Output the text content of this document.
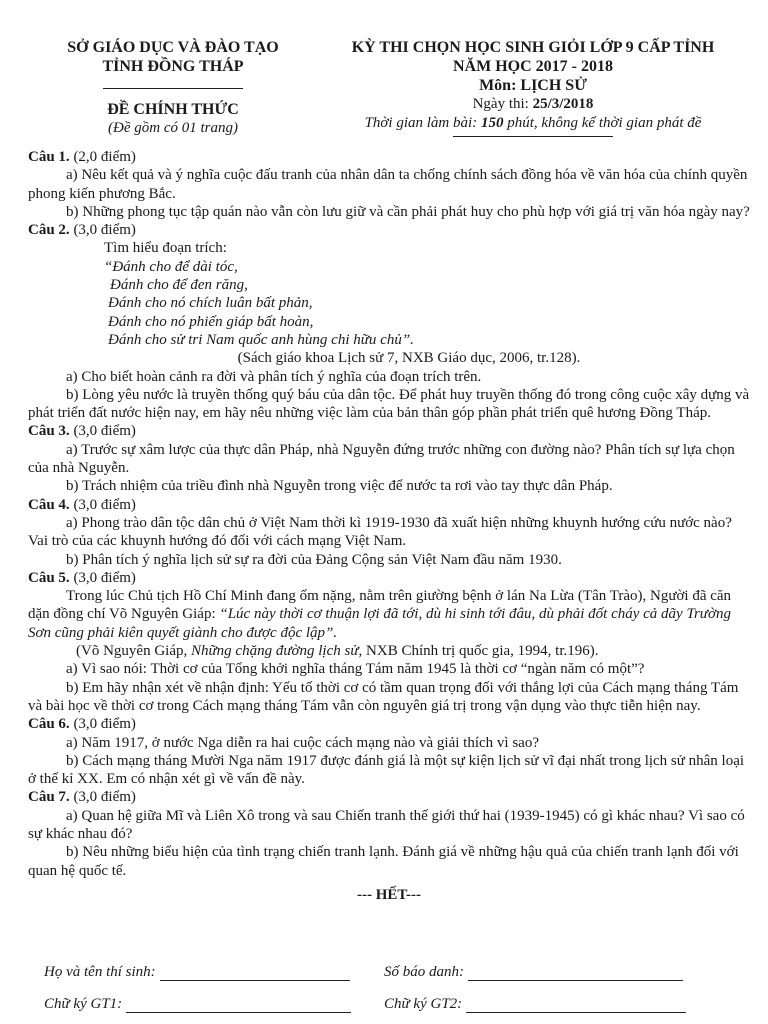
SỞ GIÁO DỤC VÀ ĐÀO TẠO
TỈNH ĐỒNG THÁP
ĐỀ CHÍNH THỨC
(Đề gồm có 01 trang)
KỲ THI CHỌN HỌC SINH GIỎI LỚP 9 CẤP TỈNH
NĂM HỌC 2017 - 2018
Môn: LỊCH SỬ
Ngày thi: 25/3/2018
Thời gian làm bài: 150 phút, không kể thời gian phát đề

Câu 1. (2,0 điểm)

a) Nêu kết quả và ý nghĩa cuộc đấu tranh của nhân dân ta chống chính sách đồng hóa về văn hóa của chính quyền phong kiến phương Bắc.

b) Những phong tục tập quán nào vẫn còn lưu giữ và cần phải phát huy cho phù hợp với giá trị văn hóa ngày nay?

Câu 2. (3,0 điểm)

Tìm hiểu đoạn trích:

“Đánh cho để dài tóc,

Đánh cho để đen răng,

Đánh cho nó chích luân bất phản,

Đánh cho nó phiến giáp bất hoàn,

Đánh cho sử tri Nam quốc anh hùng chi hữu chủ”.

(Sách giáo khoa Lịch sử 7, NXB Giáo dục, 2006, tr.128).

a) Cho biết hoàn cảnh ra đời và phân tích ý nghĩa của đoạn trích trên.

b) Lòng yêu nước là truyền thống quý báu của dân tộc. Để phát huy truyền thống đó trong công cuộc xây dựng và phát triển đất nước hiện nay, em hãy nêu những việc làm của bản thân góp phần phát triển quê hương Đồng Tháp.

Câu 3. (3,0 điểm)

a) Trước sự xâm lược của thực dân Pháp, nhà Nguyễn đứng trước những con đường nào? Phân tích sự lựa chọn của nhà Nguyễn.

b) Trách nhiệm của triều đình nhà Nguyễn trong việc để nước ta rơi vào tay thực dân Pháp.

Câu 4. (3,0 điểm)

a) Phong trào dân tộc dân chủ ở Việt Nam thời kì 1919-1930 đã xuất hiện những khuynh hướng cứu nước nào? Vai trò của các khuynh hướng đó đối với cách mạng Việt Nam.

b) Phân tích ý nghĩa lịch sử sự ra đời của Đảng Cộng sản Việt Nam đầu năm 1930.

Câu 5. (3,0 điểm)

Trong lúc Chủ tịch Hồ Chí Minh đang ốm nặng, nằm trên giường bệnh ở lán Na Lừa (Tân Trào), Người đã căn dặn đồng chí Võ Nguyên Giáp: “Lúc này thời cơ thuận lợi đã tới, dù hi sinh tới đâu, dù phải đốt cháy cả dãy Trường Sơn cũng phải kiên quyết giành cho được độc lập”.

(Võ Nguyên Giáp, Những chặng đường lịch sử, NXB Chính trị quốc gia, 1994, tr.196).

a) Vì sao nói: Thời cơ của Tổng khởi nghĩa tháng Tám năm 1945 là thời cơ “ngàn năm có một”?

b) Em hãy nhận xét về nhận định: Yếu tố thời cơ có tầm quan trọng đối với thắng lợi của Cách mạng tháng Tám và bài học về thời cơ trong Cách mạng tháng Tám vẫn còn nguyên giá trị trong vận dụng vào thực tiễn hiện nay.

Câu 6. (3,0 điểm)

a) Năm 1917, ở nước Nga diễn ra hai cuộc cách mạng nào và giải thích vì sao?

b) Cách mạng tháng Mười Nga năm 1917 được đánh giá là một sự kiện lịch sử vĩ đại nhất trong lịch sử nhân loại ở thế kỉ XX. Em có nhận xét gì về vấn đề này.

Câu 7. (3,0 điểm)

a) Quan hệ giữa Mĩ và Liên Xô trong và sau Chiến tranh thế giới thứ hai (1939-1945) có gì khác nhau? Vì sao có sự khác nhau đó?

b) Nêu những biểu hiện của tình trạng chiến tranh lạnh. Đánh giá về những hậu quả của chiến tranh lạnh đối với quan hệ quốc tế.

--- HẾT---
Họ và tên thí sinh:	Số báo danh:
Chữ ký GT1:	Chữ ký GT2:
